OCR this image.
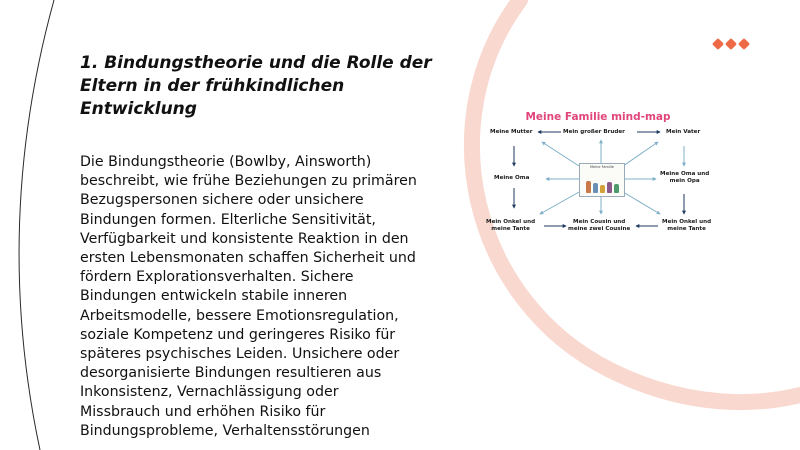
1. Bindungstheorie und die Rolle der Eltern in der frühkindlichen Entwicklung

Die Bindungstheorie (Bowlby, Ainsworth) beschreibt, wie frühe Beziehungen zu primären Bezugspersonen sichere oder unsichere Bindungen formen. Elterliche Sensitivität, Verfügbarkeit und konsistente Reaktion in den ersten Lebensmonaten schaffen Sicherheit und fördern Explorationsverhalten. Sichere Bindungen entwickeln stabile inneren Arbeitsmodelle, bessere Emotionsregulation, soziale Kompetenz und geringeres Risiko für späteres psychisches Leiden. Unsichere oder desorganisierte Bindungen resultieren aus Inkonsistenz, Vernachlässigung oder Missbrauch und erhöhen Risiko für Bindungsprobleme, Verhaltensstörungen

Meine Familie mind-map
Meine Mutter	Mein großer Bruder	Mein Vater
Meine Oma
Meine Oma und
mein Opa
Mein Onkel und
meine Tante
Mein Cousin und
meine zwei Cousine
Mein Onkel und
meine Tante
Meine Familie
